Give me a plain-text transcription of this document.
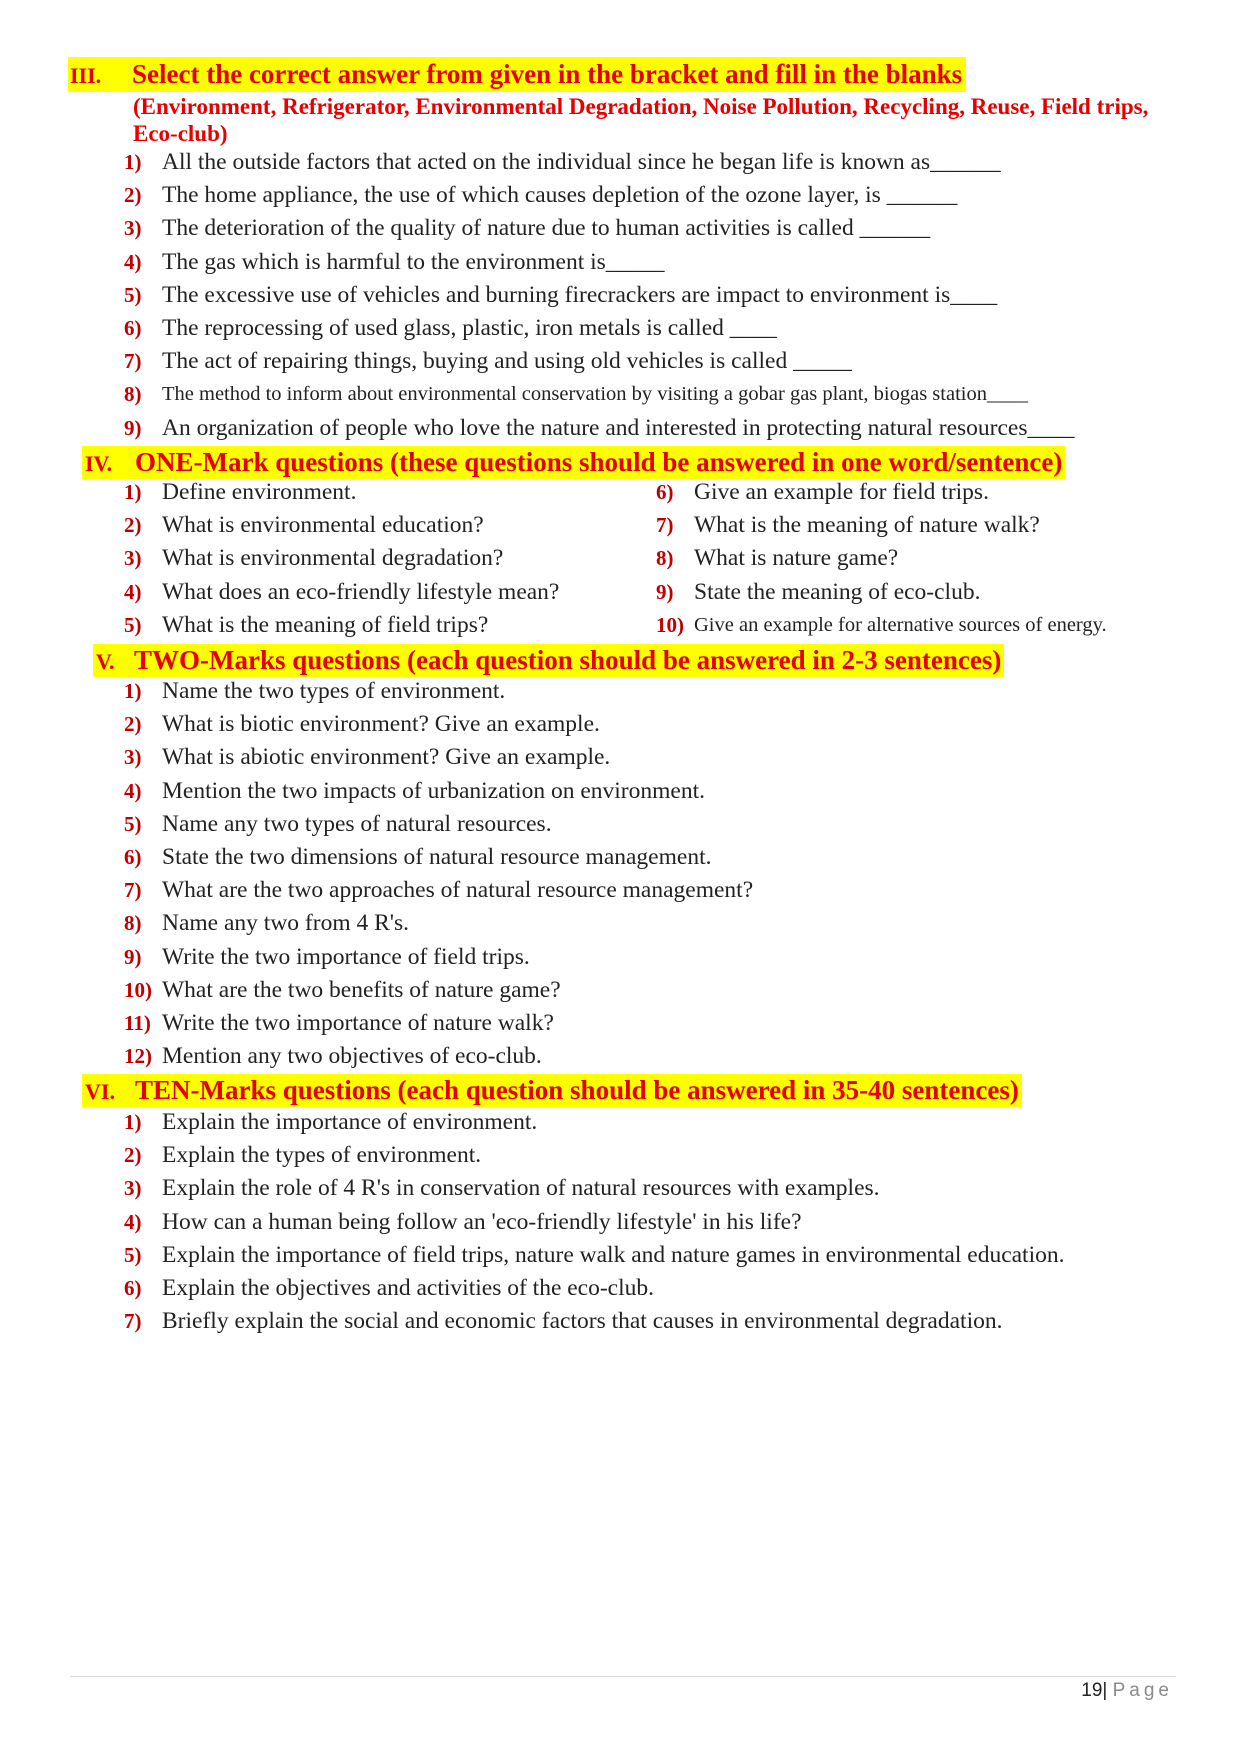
III. Select the correct answer from given in the bracket and fill in the blanks
(Environment, Refrigerator, Environmental Degradation, Noise Pollution, Recycling, Reuse, Field trips, Eco-club)
1) All the outside factors that acted on the individual since he began life is known as______
2) The home appliance, the use of which causes depletion of the ozone layer, is ______
3) The deterioration of the quality of nature due to human activities is called ______
4) The gas which is harmful to the environment is_____
5) The excessive use of vehicles and burning firecrackers are impact to environment is____
6) The reprocessing of used glass, plastic, iron metals is called ____
7) The act of repairing things, buying and using old vehicles is called _____
8)	The method to inform about environmental conservation by visiting a gobar gas plant, biogas station____
9) An organization of people who love the nature and interested in protecting natural resources____
IV. ONE-Mark questions (these questions should be answered in one word/sentence)
1) Define environment.
2) What is environmental education?
3) What is environmental degradation?
4) What does an eco-friendly lifestyle mean?
5) What is the meaning of field trips?
6) Give an example for field trips.
7) What is the meaning of nature walk?
8) What is nature game?
9) State the meaning of eco-club.
10) Give an example for alternative sources of energy.
V. TWO-Marks questions (each question should be answered in 2-3 sentences)
1) Name the two types of environment.
2) What is biotic environment? Give an example.
3) What is abiotic environment? Give an example.
4) Mention the two impacts of urbanization on environment.
5) Name any two types of natural resources.
6) State the two dimensions of natural resource management.
7) What are the two approaches of natural resource management?
8) Name any two from 4 R's.
9) Write the two importance of field trips.
10) What are the two benefits of nature game?
11) Write the two importance of nature walk?
12) Mention any two objectives of eco-club.
VI. TEN-Marks questions (each question should be answered in 35-40 sentences)
1) Explain the importance of environment.
2) Explain the types of environment.
3) Explain the role of 4 R's in conservation of natural resources with examples.
4) How can a human being follow an 'eco-friendly lifestyle' in his life?
5) Explain the importance of field trips, nature walk and nature games in environmental education.
6) Explain the objectives and activities of the eco-club.
7) Briefly explain the social and economic factors that causes in environmental degradation.
19| Page
